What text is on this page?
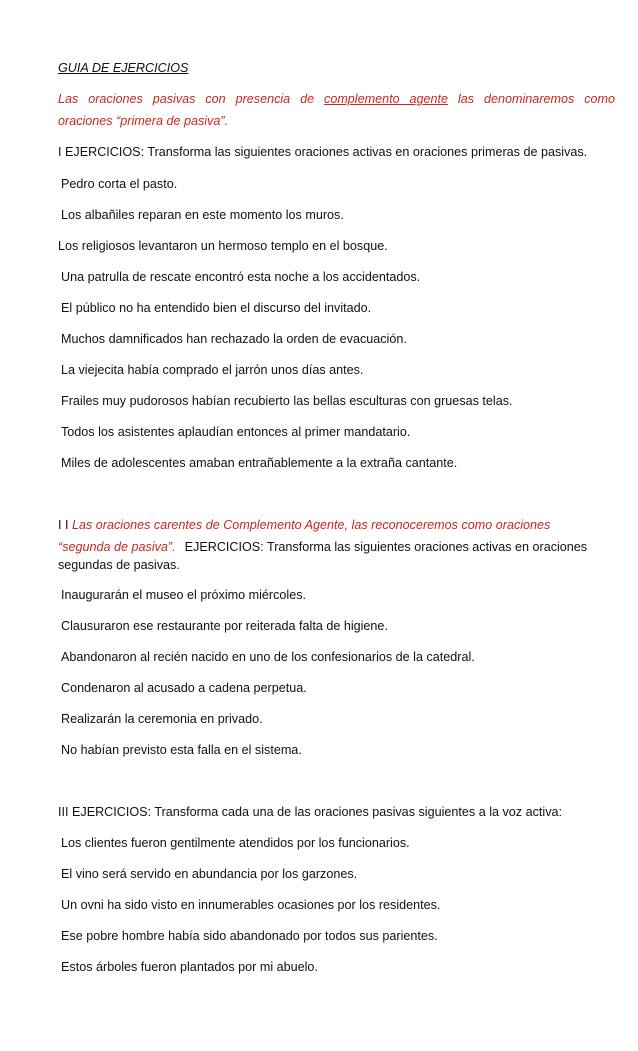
GUIA DE EJERCICIOS
Las oraciones pasivas con presencia de complemento agente las denominaremos como
oraciones “primera de pasiva”.
I EJERCICIOS: Transforma las siguientes oraciones activas en oraciones primeras de pasivas.
Pedro corta el pasto.
Los albañiles reparan en este momento los muros.
Los religiosos levantaron un hermoso templo en el bosque.
Una patrulla de rescate encontró esta noche a los accidentados.
El público no ha entendido bien el discurso del invitado.
Muchos damnificados han rechazado la orden de evacuación.
La viejecita había comprado el jarrón unos días antes.
Frailes muy pudorosos habían recubierto las bellas esculturas con gruesas telas.
Todos los asistentes aplaudían entonces al primer mandatario.
Miles de adolescentes amaban entrañablemente a la extraña cantante.
I I Las oraciones carentes de Complemento Agente, las reconoceremos como oraciones
“segunda de pasiva”. EJERCICIOS: Transforma las siguientes oraciones activas en oraciones
segundas de pasivas.
Inaugurarán el museo el próximo miércoles.
Clausuraron ese restaurante por reiterada falta de higiene.
Abandonaron al recién nacido en uno de los confesionarios de la catedral.
Condenaron al acusado a cadena perpetua.
Realizarán la ceremonia en privado.
No habían previsto esta falla en el sistema.
III EJERCICIOS: Transforma cada una de las oraciones pasivas siguientes a la voz activa:
Los clientes fueron gentilmente atendidos por los funcionarios.
El vino será servido en abundancia por los garzones.
Un ovni ha sido visto en innumerables ocasiones por los residentes.
Ese pobre hombre había sido abandonado por todos sus parientes.
Estos árboles fueron plantados por mi abuelo.
